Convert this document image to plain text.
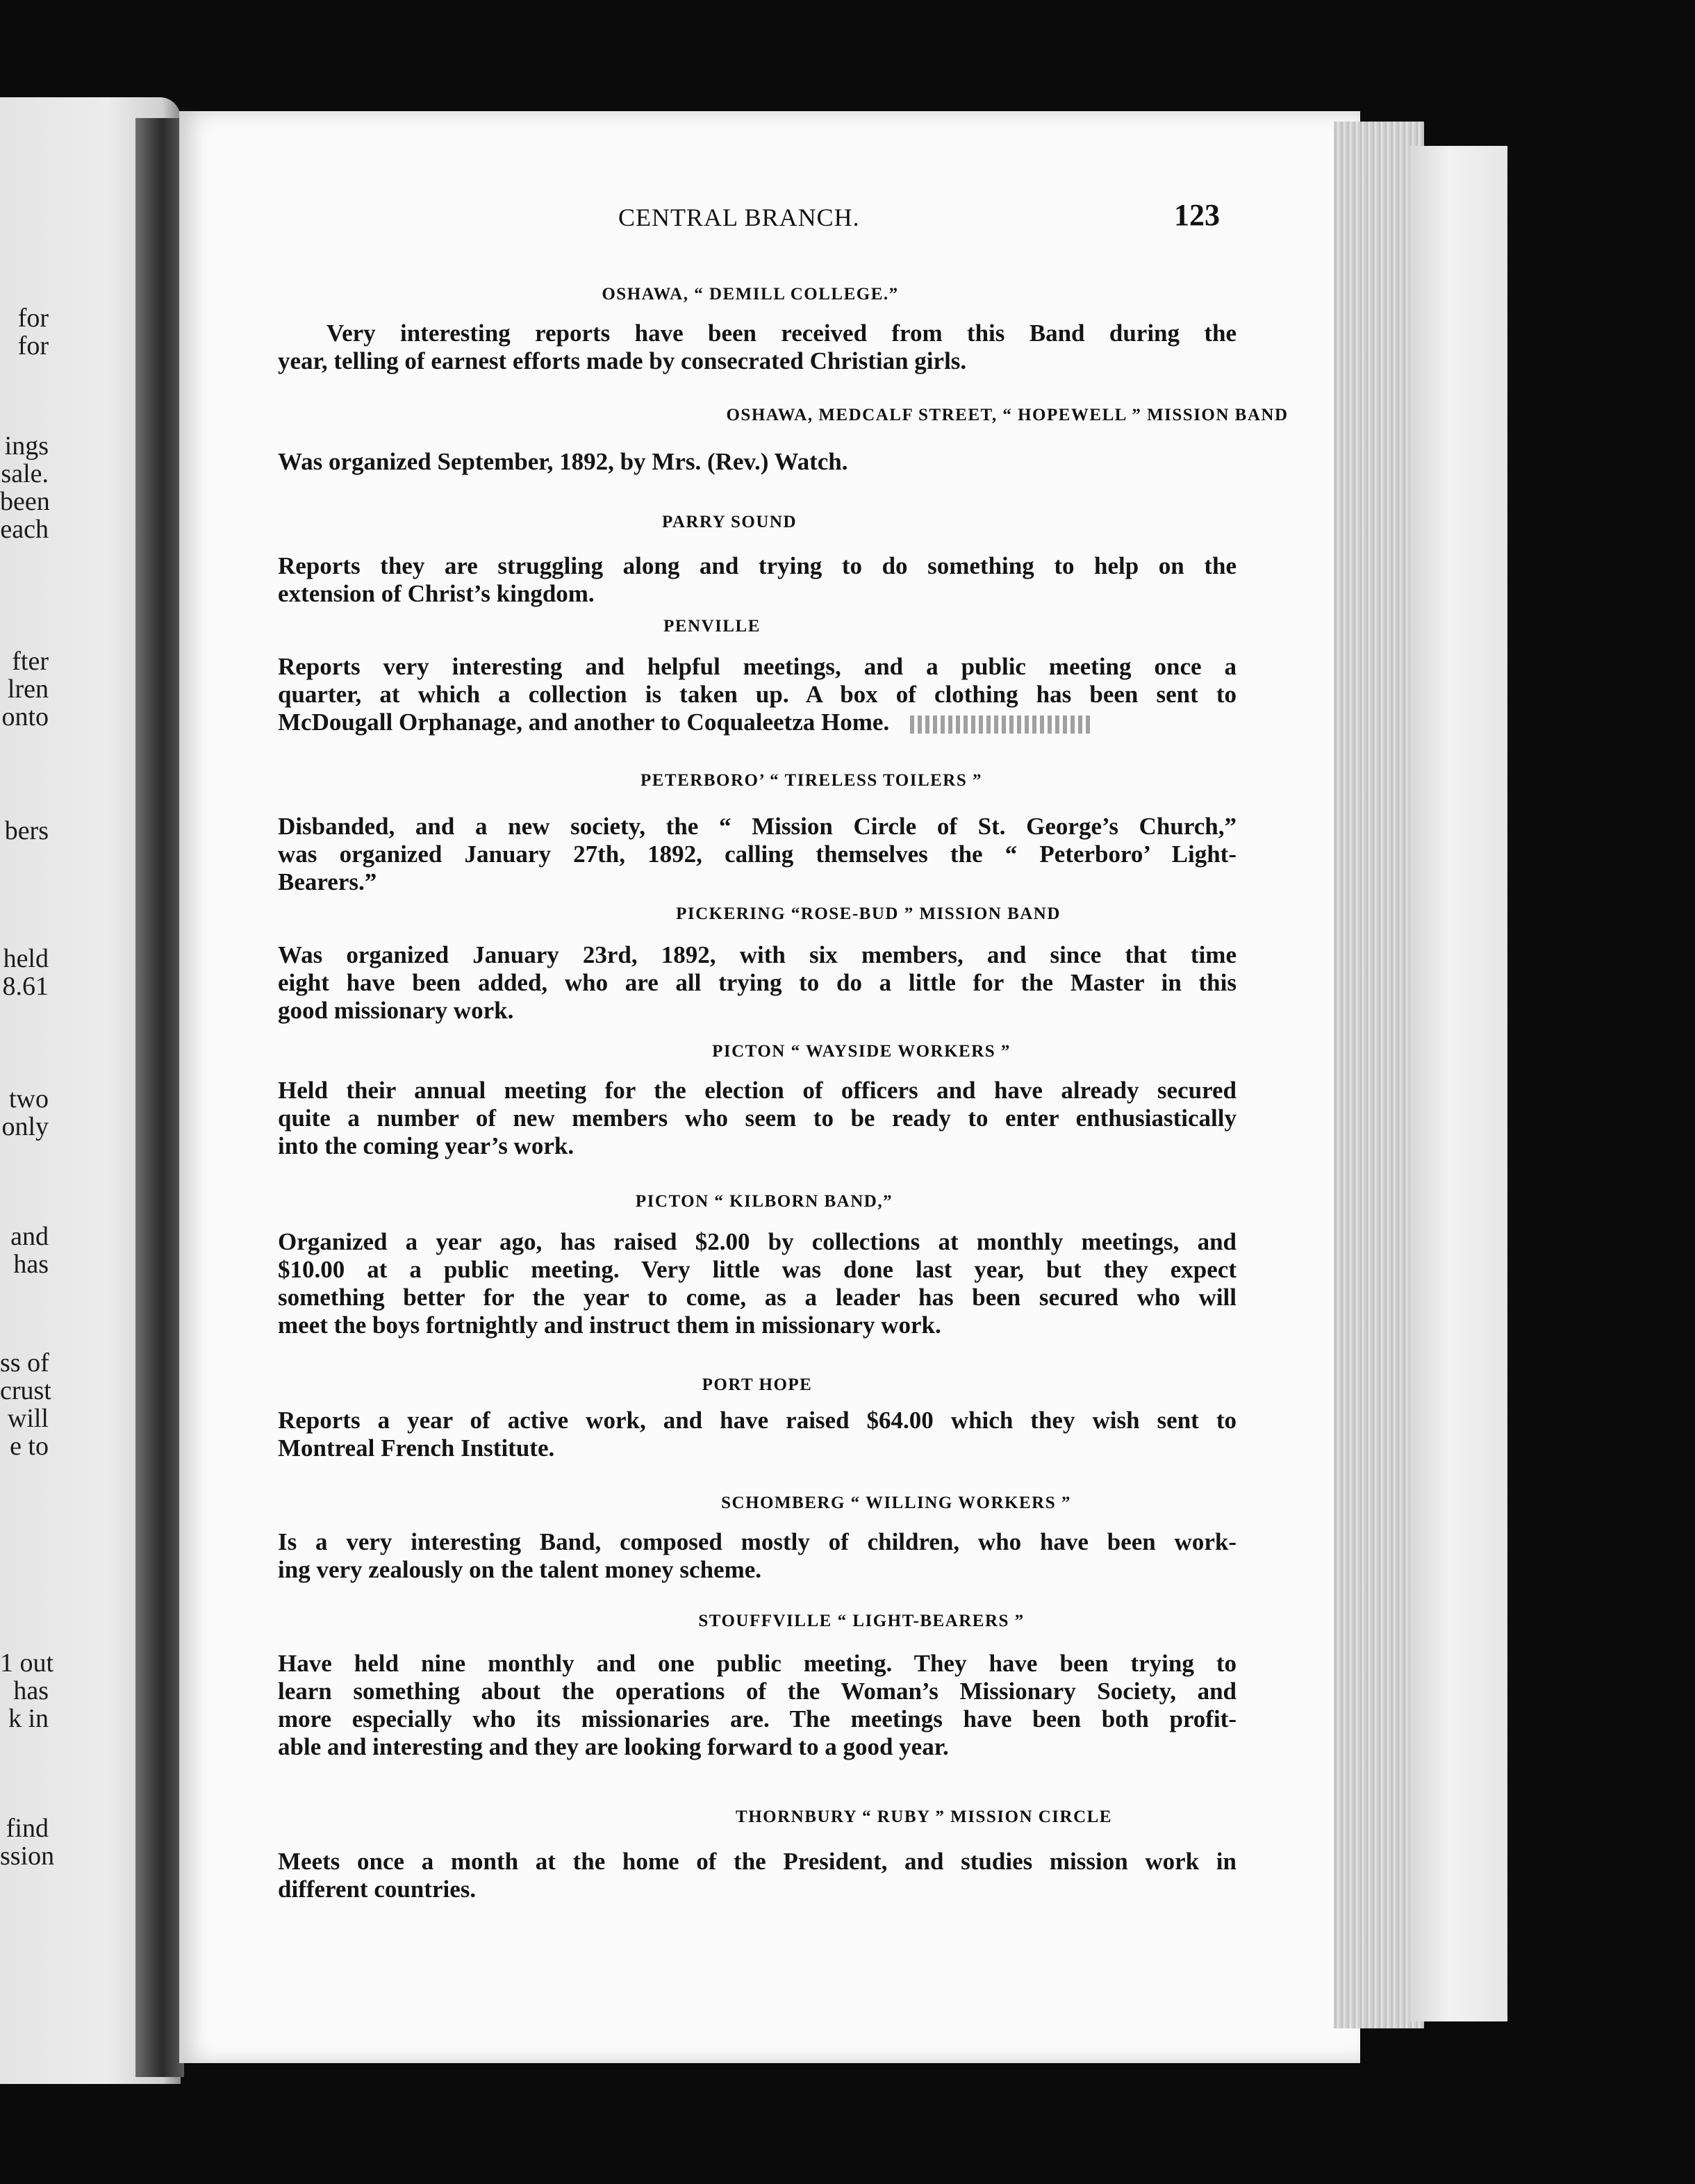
for
for
ings
sale.
been
each
fter
lren
onto
bers
held
8.61
two
only
and
has
ss of
crust
will
e to
1 out
has
k in
find
ssion
CENTRAL BRANCH.	123
OSHAWA, “ DEMILL COLLEGE.”
Very interesting reports have been received from this Band during the
year, telling of earnest efforts made by consecrated Christian girls.
OSHAWA, MEDCALF STREET, “ HOPEWELL ” MISSION BAND
Was organized September, 1892, by Mrs. (Rev.) Watch.
PARRY SOUND
Reports they are struggling along and trying to do something to help on the
extension of Christ’s kingdom.
PENVILLE
Reports very interesting and helpful meetings, and a public meeting once a
quarter, at which a collection is taken up. A box of clothing has been sent to
McDougall Orphanage, and another to Coqualeetza Home.
PETERBORO’ “ TIRELESS TOILERS ”
Disbanded, and a new society, the “ Mission Circle of St. George’s Church,”
was organized January 27th, 1892, calling themselves the “ Peterboro’ Light-
Bearers.”
PICKERING “ROSE-BUD ” MISSION BAND
Was organized January 23rd, 1892, with six members, and since that time
eight have been added, who are all trying to do a little for the Master in this
good missionary work.
PICTON “ WAYSIDE WORKERS ”
Held their annual meeting for the election of officers and have already secured
quite a number of new members who seem to be ready to enter enthusiastically
into the coming year’s work.
PICTON “ KILBORN BAND,”
Organized a year ago, has raised $2.00 by collections at monthly meetings, and
$10.00 at a public meeting. Very little was done last year, but they expect
something better for the year to come, as a leader has been secured who will
meet the boys fortnightly and instruct them in missionary work.
PORT HOPE
Reports a year of active work, and have raised $64.00 which they wish sent to
Montreal French Institute.
SCHOMBERG “ WILLING WORKERS ”
Is a very interesting Band, composed mostly of children, who have been work-
ing very zealously on the talent money scheme.
STOUFFVILLE “ LIGHT-BEARERS ”
Have held nine monthly and one public meeting. They have been trying to
learn something about the operations of the Woman’s Missionary Society, and
more especially who its missionaries are. The meetings have been both profit-
able and interesting and they are looking forward to a good year.
THORNBURY “ RUBY ” MISSION CIRCLE
Meets once a month at the home of the President, and studies mission work in
different countries.
